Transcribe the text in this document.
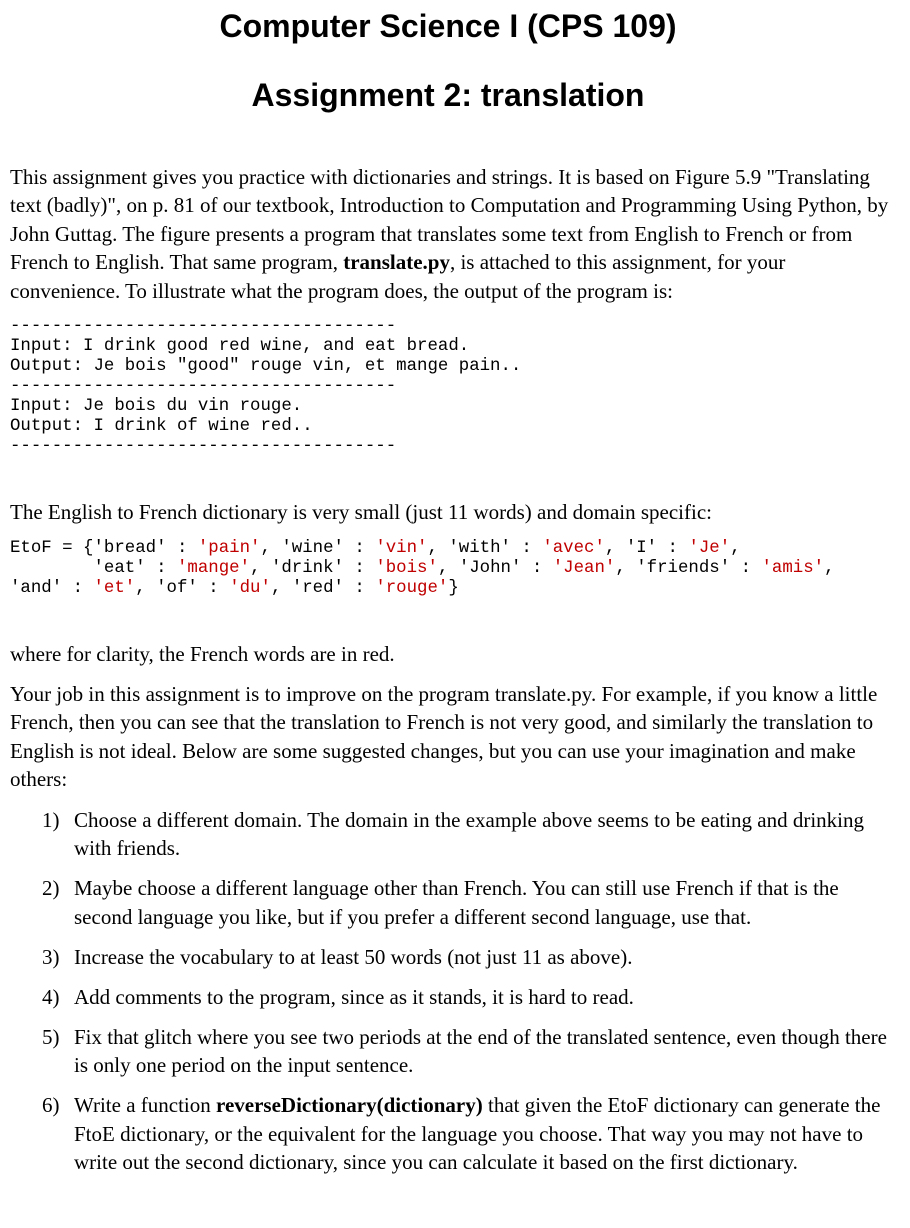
Computer Science I (CPS 109)
Assignment 2: translation

This assignment gives you practice with dictionaries and strings. It is based on Figure 5.9 "Translating text (badly)", on p. 81 of our textbook, Introduction to Computation and Programming Using Python, by John Guttag. The figure presents a program that translates some text from English to French or from French to English. That same program, translate.py, is attached to this assignment, for your convenience. To illustrate what the program does, the output of the program is:

-------------------------------------
Input: I drink good red wine, and eat bread.
Output: Je bois "good" rouge vin, et mange pain..
-------------------------------------
Input: Je bois du vin rouge.
Output: I drink of wine red..
-------------------------------------

The English to French dictionary is very small (just 11 words) and domain specific:

EtoF = {'bread' : 'pain', 'wine' : 'vin', 'with' : 'avec', 'I' : 'Je',
'eat' : 'mange', 'drink' : 'bois', 'John' : 'Jean', 'friends' : 'amis',
'and' : 'et', 'of' : 'du', 'red' : 'rouge'}

where for clarity, the French words are in red.

Your job in this assignment is to improve on the program translate.py. For example, if you know a little French, then you can see that the translation to French is not very good, and similarly the translation to English is not ideal. Below are some suggested changes, but you can use your imagination and make others:

1) Choose a different domain. The domain in the example above seems to be eating and drinking with friends.
2) Maybe choose a different language other than French. You can still use French if that is the second language you like, but if you prefer a different second language, use that.
3) Increase the vocabulary to at least 50 words (not just 11 as above).
4) Add comments to the program, since as it stands, it is hard to read.
5) Fix that glitch where you see two periods at the end of the translated sentence, even though there is only one period on the input sentence.
6) Write a function reverseDictionary(dictionary) that given the EtoF dictionary can generate the FtoE dictionary, or the equivalent for the language you choose. That way you may not have to write out the second dictionary, since you can calculate it based on the first dictionary.
